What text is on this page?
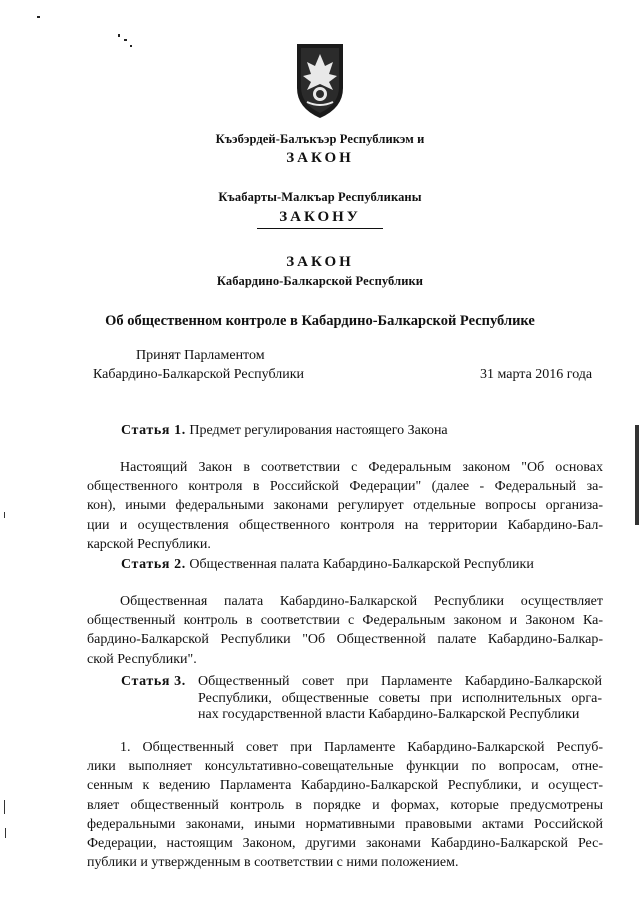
Къэбэрдей-Балъкъэр Республикэм и
ЗАКОН
Къабарты-Малкъар Республиканы
ЗАКОНУ
ЗАКОН
Кабардино-Балкарской Республики
Об общественном контроле в Кабардино-Балкарской Республике
Принят Парламентом
Кабардино-Балкарской Республики	31 марта 2016 года
Статья 1. Предмет регулирования настоящего Закона
Настоящий Закон в соответствии с Федеральным законом "Об основах
общественного контроля в Российской Федерации" (далее - Федеральный за-
кон), иными федеральными законами регулирует отдельные вопросы организа-
ции и осуществления общественного контроля на территории Кабардино-Бал-
карской Республики.
Статья 2. Общественная палата Кабардино-Балкарской Республики
Общественная палата Кабардино-Балкарской Республики осуществляет
общественный контроль в соответствии с Федеральным законом и Законом Ка-
бардино-Балкарской Республики "Об Общественной палате Кабардино-Балкар-
ской Республики".
Статья 3. Общественный совет при Парламенте Кабардино-Балкарской
Республики, общественные советы при исполнительных орга-
нах государственной власти Кабардино-Балкарской Республики
1. Общественный совет при Парламенте Кабардино-Балкарской Респуб-
лики выполняет консультативно-совещательные функции по вопросам, отне-
сенным к ведению Парламента Кабардино-Балкарской Республики, и осущест-
вляет общественный контроль в порядке и формах, которые предусмотрены
федеральными законами, иными нормативными правовыми актами Российской
Федерации, настоящим Законом, другими законами Кабардино-Балкарской Рес-
публики и утвержденным в соответствии с ними положением.
